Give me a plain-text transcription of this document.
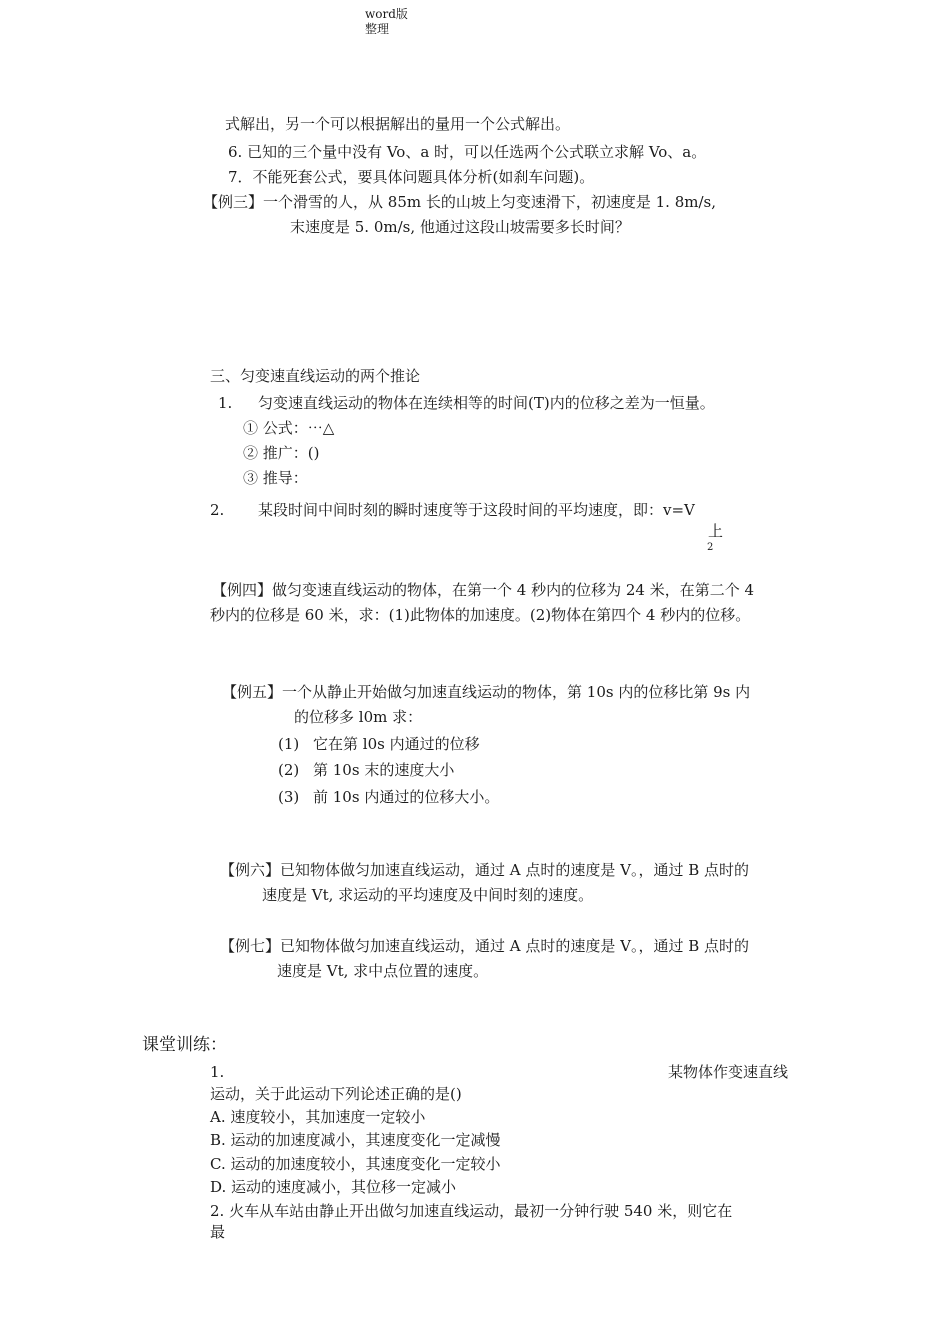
word版
整理
式解出，另一个可以根据解出的量用一个公式解出。
6. 已知的三个量中没有 Vo、a 时，可以任选两个公式联立求解 Vo、a。
7．不能死套公式，要具体问题具体分析(如刹车问题)。
【例三】一个滑雪的人，从 85m 长的山坡上匀变速滑下，初速度是 1. 8m/s,
末速度是 5. 0m/s, 他通过这段山坡需要多长时间？
三、匀变速直线运动的两个推论
1. 匀变速直线运动的物体在连续相等的时间(T)内的位移之差为一恒量。
① 公式：⋯△
② 推广：()
③ 推导：
2. 某段时间中间时刻的瞬时速度等于这段时间的平均速度，即：v=V
上
2
【例四】做匀变速直线运动的物体，在第一个 4 秒内的位移为 24 米，在第二个 4
秒内的位移是 60 米，求：(1)此物体的加速度。(2)物体在第四个 4 秒内的位移。
【例五】一个从静止开始做匀加速直线运动的物体，第 10s 内的位移比第 9s 内
的位移多 l0m 求：
(1) 它在第 l0s 内通过的位移
(2) 第 10s 末的速度大小
(3) 前 10s 内通过的位移大小。
【例六】已知物体做匀加速直线运动，通过 A 点时的速度是 V。，通过 B 点时的
速度是 Vt, 求运动的平均速度及中间时刻的速度。
【例七】已知物体做匀加速直线运动，通过 A 点时的速度是 V。，通过 B 点时的
速度是 Vt, 求中点位置的速度。
课堂训练：
1.	某物体作变速直线
运动，关于此运动下列论述正确的是()
A. 速度较小，其加速度一定较小
B. 运动的加速度减小，其速度变化一定减慢
C. 运动的加速度较小，其速度变化一定较小
D. 运动的速度减小，其位移一定减小
2. 火车从车站由静止开出做匀加速直线运动，最初一分钟行驶 540 米，则它在
最
